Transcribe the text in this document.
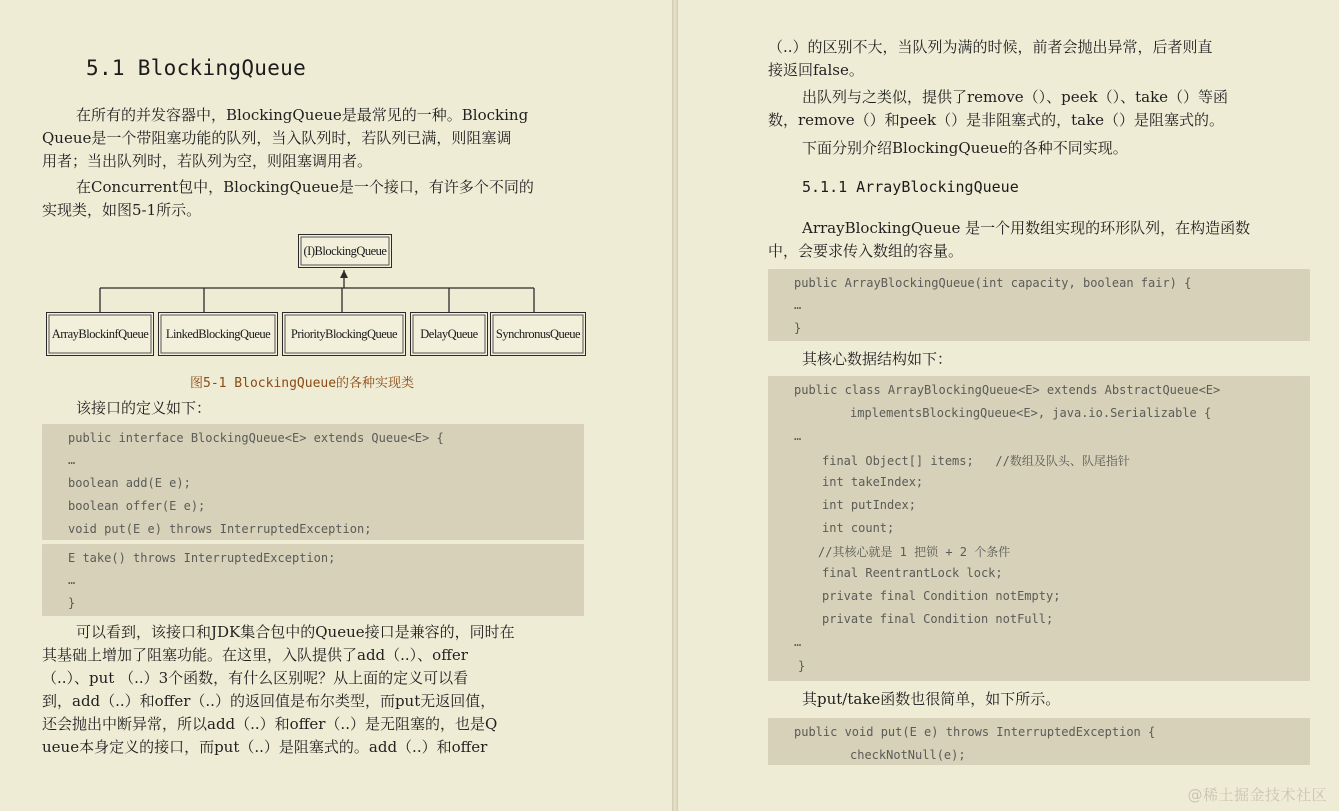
5.1 BlockingQueue

在所有的并发容器中，BlockingQueue是最常见的一种。Blocking
Queue是一个带阻塞功能的队列，当入队列时，若队列已满，则阻塞调
用者；当出队列时，若队列为空，则阻塞调用者。

在Concurrent包中，BlockingQueue是一个接口，有许多个不同的
实现类，如图5-1所示。

(I)BlockingQueue
ArrayBlockinfQueue	LinkedBlockingQueue	PriorityBlockingQueue	DelayQueue	SynchronusQueue
图5-1 BlockingQueue的各种实现类

该接口的定义如下：

public interface BlockingQueue<E> extends Queue<E> {
…
boolean add(E e);
boolean offer(E e);
void put(E e) throws InterruptedException;
E take() throws InterruptedException;
…
}

可以看到，该接口和JDK集合包中的Queue接口是兼容的，同时在
其基础上增加了阻塞功能。在这里，入队提供了add（..）、offer
（..）、put （..）3个函数，有什么区别呢？从上面的定义可以看
到，add（..）和offer（..）的返回值是布尔类型，而put无返回值，
还会抛出中断异常，所以add（..）和offer（..）是无阻塞的，也是Q
ueue本身定义的接口，而put（..）是阻塞式的。add（..）和offer

（..）的区别不大，当队列为满的时候，前者会抛出异常，后者则直
接返回false。

出队列与之类似，提供了remove（）、peek（）、take（）等函
数，remove（）和peek（）是非阻塞式的，take（）是阻塞式的。

下面分别介绍BlockingQueue的各种不同实现。

5.1.1 ArrayBlockingQueue

ArrayBlockingQueue 是一个用数组实现的环形队列，在构造函数
中，会要求传入数组的容量。

public ArrayBlockingQueue(int capacity, boolean fair) {
…
}

其核心数据结构如下：

public class ArrayBlockingQueue<E> extends AbstractQueue<E>
implementsBlockingQueue<E>, java.io.Serializable {
…
final Object[] items;   //数组及队头、队尾指针
int takeIndex;
int putIndex;
int count;
//其核心就是 1 把锁 + 2 个条件
final ReentrantLock lock;
private final Condition notEmpty;
private final Condition notFull;
…
}

其put/take函数也很简单，如下所示。

public void put(E e) throws InterruptedException {
checkNotNull(e);
@稀土掘金技术社区
